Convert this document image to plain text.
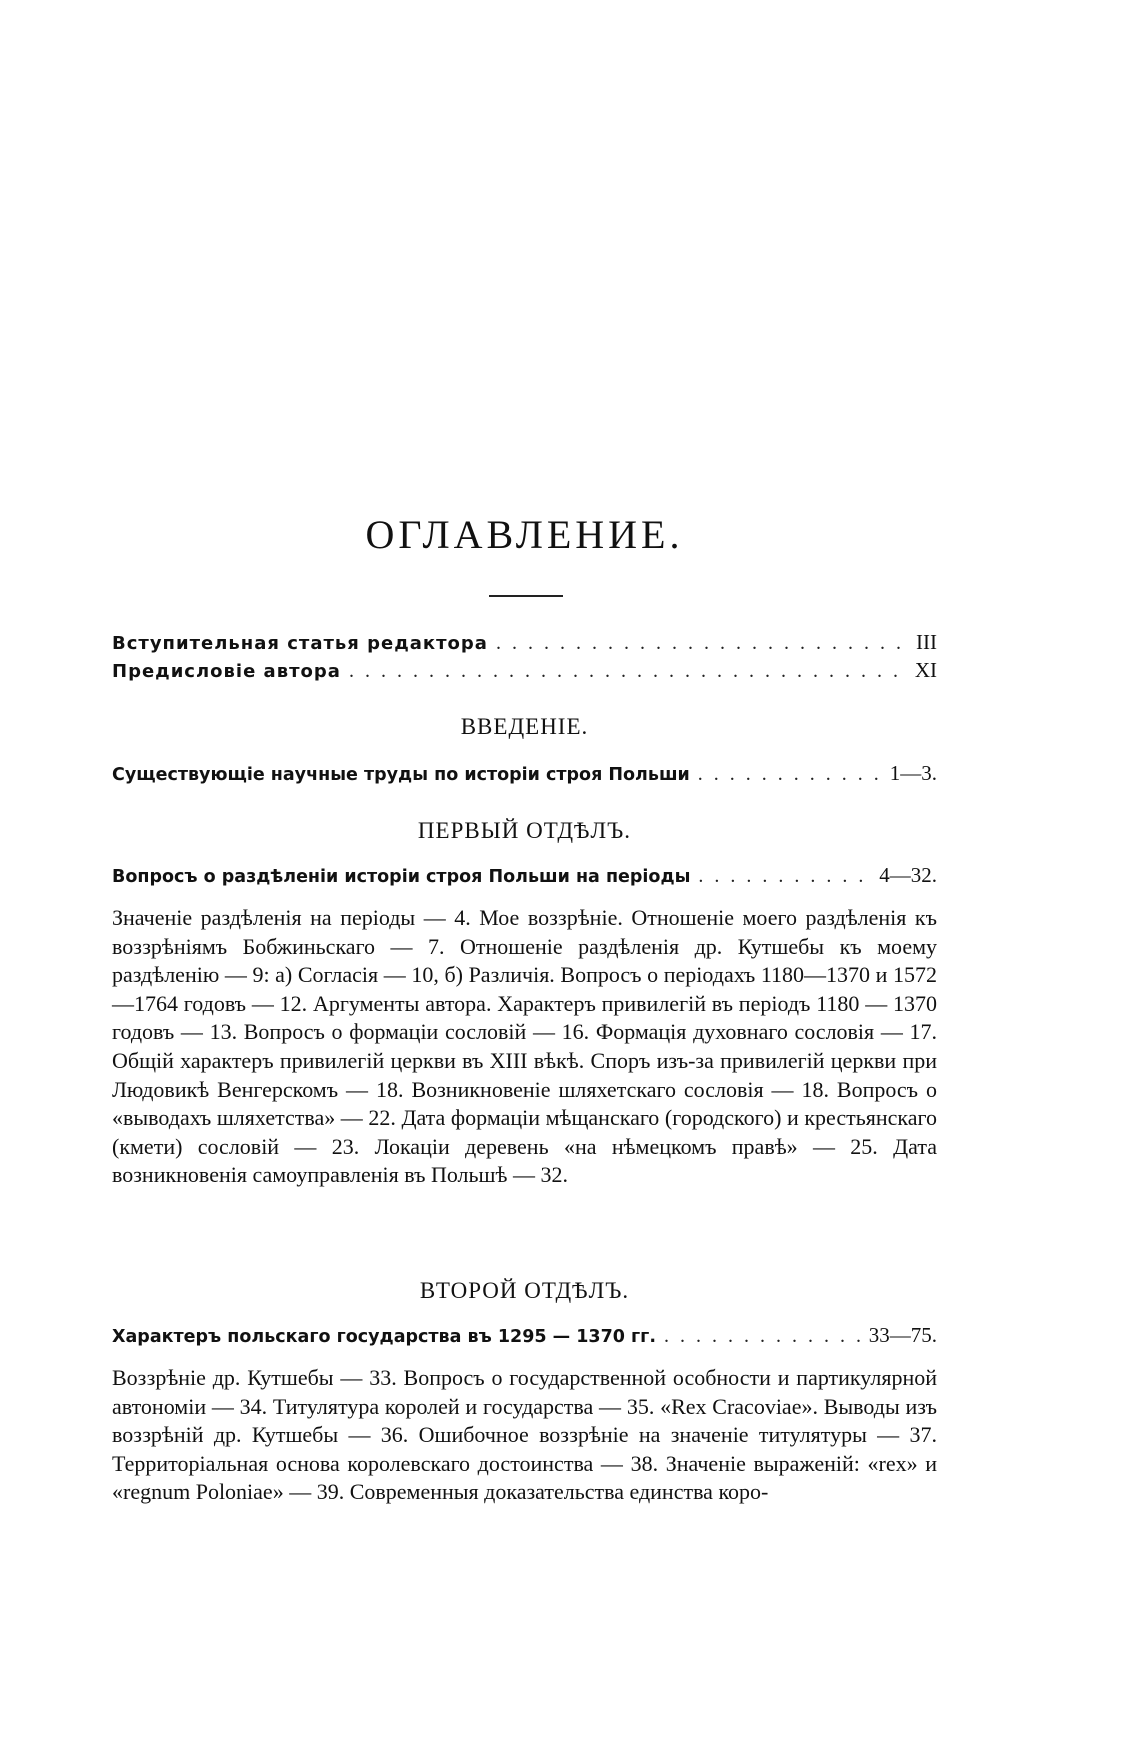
ОГЛАВЛЕНИЕ.
Вступительная статья редактора . . .	III
Предисловіе автора . . .	XI
ВВЕДЕНІЕ.
Существующіе научные труды по исторіи строя Польши . . .	1—3.
ПЕРВЫЙ ОТДѢЛЪ.
Вопросъ о раздѣленіи исторіи строя Польши на періоды . . .	4—32.

Значеніе раздѣленія на періоды — 4. Мое воззрѣніе. Отношеніе моего раздѣленія къ воззрѣніямъ Бобжиньскаго — 7. Отношеніе раздѣленія др. Кутшебы къ моему раздѣленію — 9: а) Согласія — 10, б) Различія. Вопросъ о періодахъ 1180—1370 и 1572—1764 годовъ — 12. Аргументы автора. Характеръ привилегій въ періодъ 1180 — 1370 годовъ — 13. Вопросъ о формаціи сословій — 16. Формація духовнаго сословія — 17. Общій характеръ привилегій церкви въ XIII вѣкѣ. Споръ изъ-за привилегій церкви при Людовикѣ Венгерскомъ — 18. Возникновеніе шляхетскаго сословія — 18. Вопросъ о «выводахъ шляхетства» — 22. Дата формаціи мѣщанскаго (городского) и крестьянскаго (кмети) сословій — 23. Локаціи деревень «на нѣмецкомъ правѣ» — 25. Дата возникновенія самоуправленія въ Польшѣ — 32.

ВТОРОЙ ОТДѢЛЪ.
Характеръ польскаго государства въ 1295 — 1370 гг. . . .	33—75.

Воззрѣніе др. Кутшебы — 33. Вопросъ о государственной особности и партикулярной автономіи — 34. Титулятура королей и государства — 35. «Rex Cracoviae». Выводы изъ воззрѣній др. Кутшебы — 36. Ошибочное воззрѣніе на значеніе титулятуры — 37. Территоріальная основа королевскаго достоинства — 38. Значеніе выраженій: «rex» и «regnum Poloniae» — 39. Современныя доказательства единства коро-
